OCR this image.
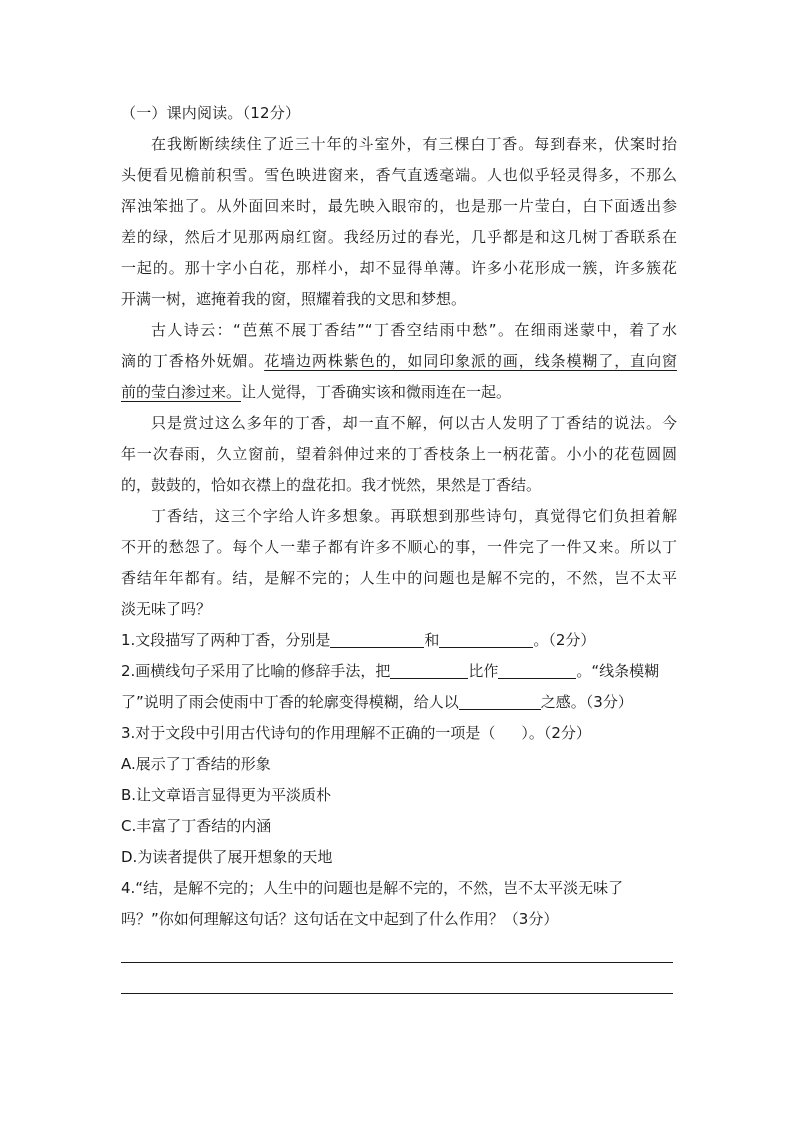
（一）课内阅读。（12分）
在我断断续续住了近三十年的斗室外，有三棵白丁香。每到春来，伏案时抬
头便看见檐前积雪。雪色映进窗来，香气直透毫端。人也似乎轻灵得多，不那么
浑浊笨拙了。从外面回来时，最先映入眼帘的，也是那一片莹白，白下面透出参
差的绿，然后才见那两扇红窗。我经历过的春光，几乎都是和这几树丁香联系在
一起的。那十字小白花，那样小，却不显得单薄。许多小花形成一簇，许多簇花
开满一树，遮掩着我的窗，照耀着我的文思和梦想。
古人诗云：“芭蕉不展丁香结”“丁香空结雨中愁”。在细雨迷蒙中，着了水
滴的丁香格外妩媚。花墙边两株紫色的，如同印象派的画，线条模糊了，直向窗
前的莹白渗过来。让人觉得，丁香确实该和微雨连在一起。
只是赏过这么多年的丁香，却一直不解，何以古人发明了丁香结的说法。今
年一次春雨，久立窗前，望着斜伸过来的丁香枝条上一柄花蕾。小小的花苞圆圆
的，鼓鼓的，恰如衣襟上的盘花扣。我才恍然，果然是丁香结。
丁香结，这三个字给人许多想象。再联想到那些诗句，真觉得它们负担着解
不开的愁怨了。每个人一辈子都有许多不顺心的事，一件完了一件又来。所以丁
香结年年都有。结，是解不完的；人生中的问题也是解不完的，不然，岂不太平
淡无味了吗？
1.文段描写了两种丁香，分别是	和	。（2分）
2.画横线句子采用了比喻的修辞手法，把	比作	。“线条模糊
了”说明了雨会使雨中丁香的轮廓变得模糊，给人以	之感。（3分）
3.对于文段中引用古代诗句的作用理解不正确的一项是（ ）。（2分）
A.展示了丁香结的形象
B.让文章语言显得更为平淡质朴
C.丰富了丁香结的内涵
D.为读者提供了展开想象的天地
4.“结，是解不完的；人生中的问题也是解不完的，不然，岂不太平淡无味了
吗？”你如何理解这句话？这句话在文中起到了什么作用？（3分）
